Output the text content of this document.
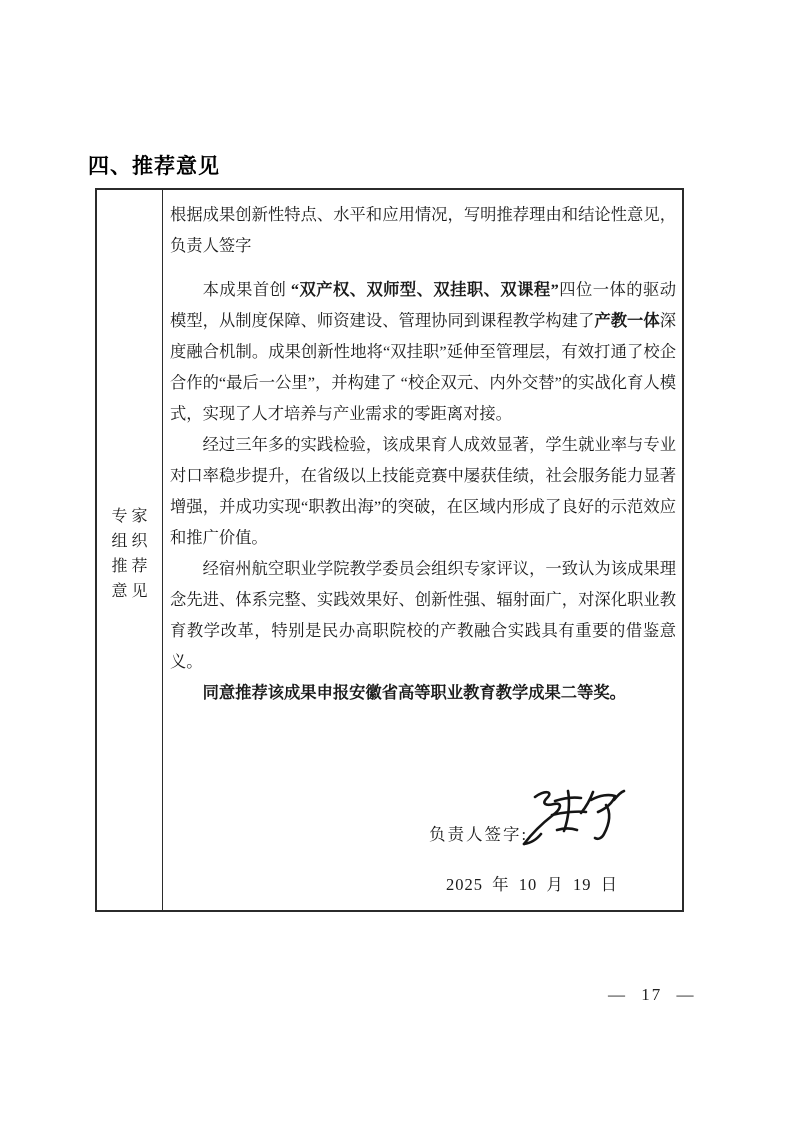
四、推荐意见
专家
组织
推荐
意见

根据成果创新性特点、水平和应用情况，写明推荐理由和结论性意见，负责人签字

本成果首创 “双产权、双师型、双挂职、双课程”四位一体的驱动模型，从制度保障、师资建设、管理协同到课程教学构建了产教一体深度融合机制。成果创新性地将“双挂职”延伸至管理层，有效打通了校企合作的“最后一公里”，并构建了 “校企双元、内外交替”的实战化育人模式，实现了人才培养与产业需求的零距离对接。

经过三年多的实践检验，该成果育人成效显著，学生就业率与专业对口率稳步提升，在省级以上技能竞赛中屡获佳绩，社会服务能力显著增强，并成功实现“职教出海”的突破，在区域内形成了良好的示范效应和推广价值。

经宿州航空职业学院教学委员会组织专家评议，一致认为该成果理念先进、体系完整、实践效果好、创新性强、辐射面广，对深化职业教育教学改革，特别是民办高职院校的产教融合实践具有重要的借鉴意义。

同意推荐该成果申报安徽省高等职业教育教学成果二等奖。

负责人签字:
2025 年 10 月 19 日
— 17 —
